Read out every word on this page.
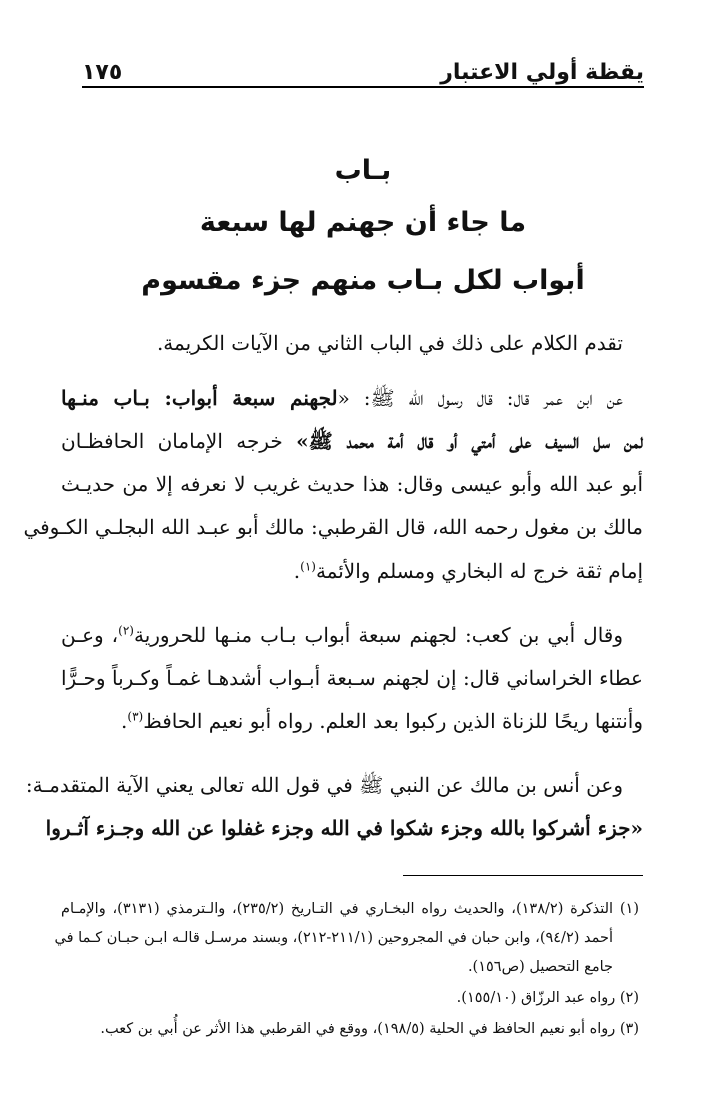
يقظة أولي الاعتبار
١٧٥
بـاب
ما جاء أن جهنم لها سبعة
أبواب لكل بـاب منهم جزء مقسوم
تقدم الكلام على ذلك في الباب الثاني من الآيات الكريمة.
عن ابن عمر قال: قال رسول الله ﷺ: «لجهنم سبعة أبواب: بـاب منـها
لمن سل السيف على أمتي أو قال أمة محمد ﷺ» خرجه الإمامان الحافظـان
أبو عبد الله وأبو عيسى وقال: هذا حديث غريب لا نعرفه إلا من حديـث
مالك بن مغول رحمه الله، قال القرطبي: مالك أبو عبـد الله البجلـي الكـوفي
إمام ثقة خرج له البخاري ومسلم والأئمة$^{(١)}$.
وقال أبي بن كعب: لجهنم سبعة أبواب بـاب منـها للحرورية$^{(٢)}$، وعـن
عطاء الخراساني قال: إن لجهنم سـبعة أبـواب أشدهـا غمـاً وكـرباً وحـرًّا
وأنتنها ريحًا للزناة الذين ركبوا بعد العلم. رواه أبو نعيم الحافظ$^{(٣)}$.
وعن أنس بن مالك عن النبي ﷺ في قول الله تعالى يعني الآية المتقدمـة:
«جزء أشركوا بالله وجزء شكوا في الله وجزء غفلوا عن الله وجـزء آثـروا
(١) التذكرة (١٣٨/٢)، والحديث رواه البخـاري في التـاريخ (٢٣٥/٢)، والـترمذي (٣١٣١)، والإمـام
أحمد (٩٤/٢)، وابن حبان في المجروحين (٢١١/١-٢١٢)، وبسند مرسـل قالـه ابـن حبـان كـما في
جامع التحصيل (ص١٥٦).
(٢) رواه عبد الرزّاق (١٥٥/١٠).
(٣) رواه أبو نعيم الحافظ في الحلية (١٩٨/٥)، ووقع في القرطبي هذا الأثر عن أُبي بن كعب.
